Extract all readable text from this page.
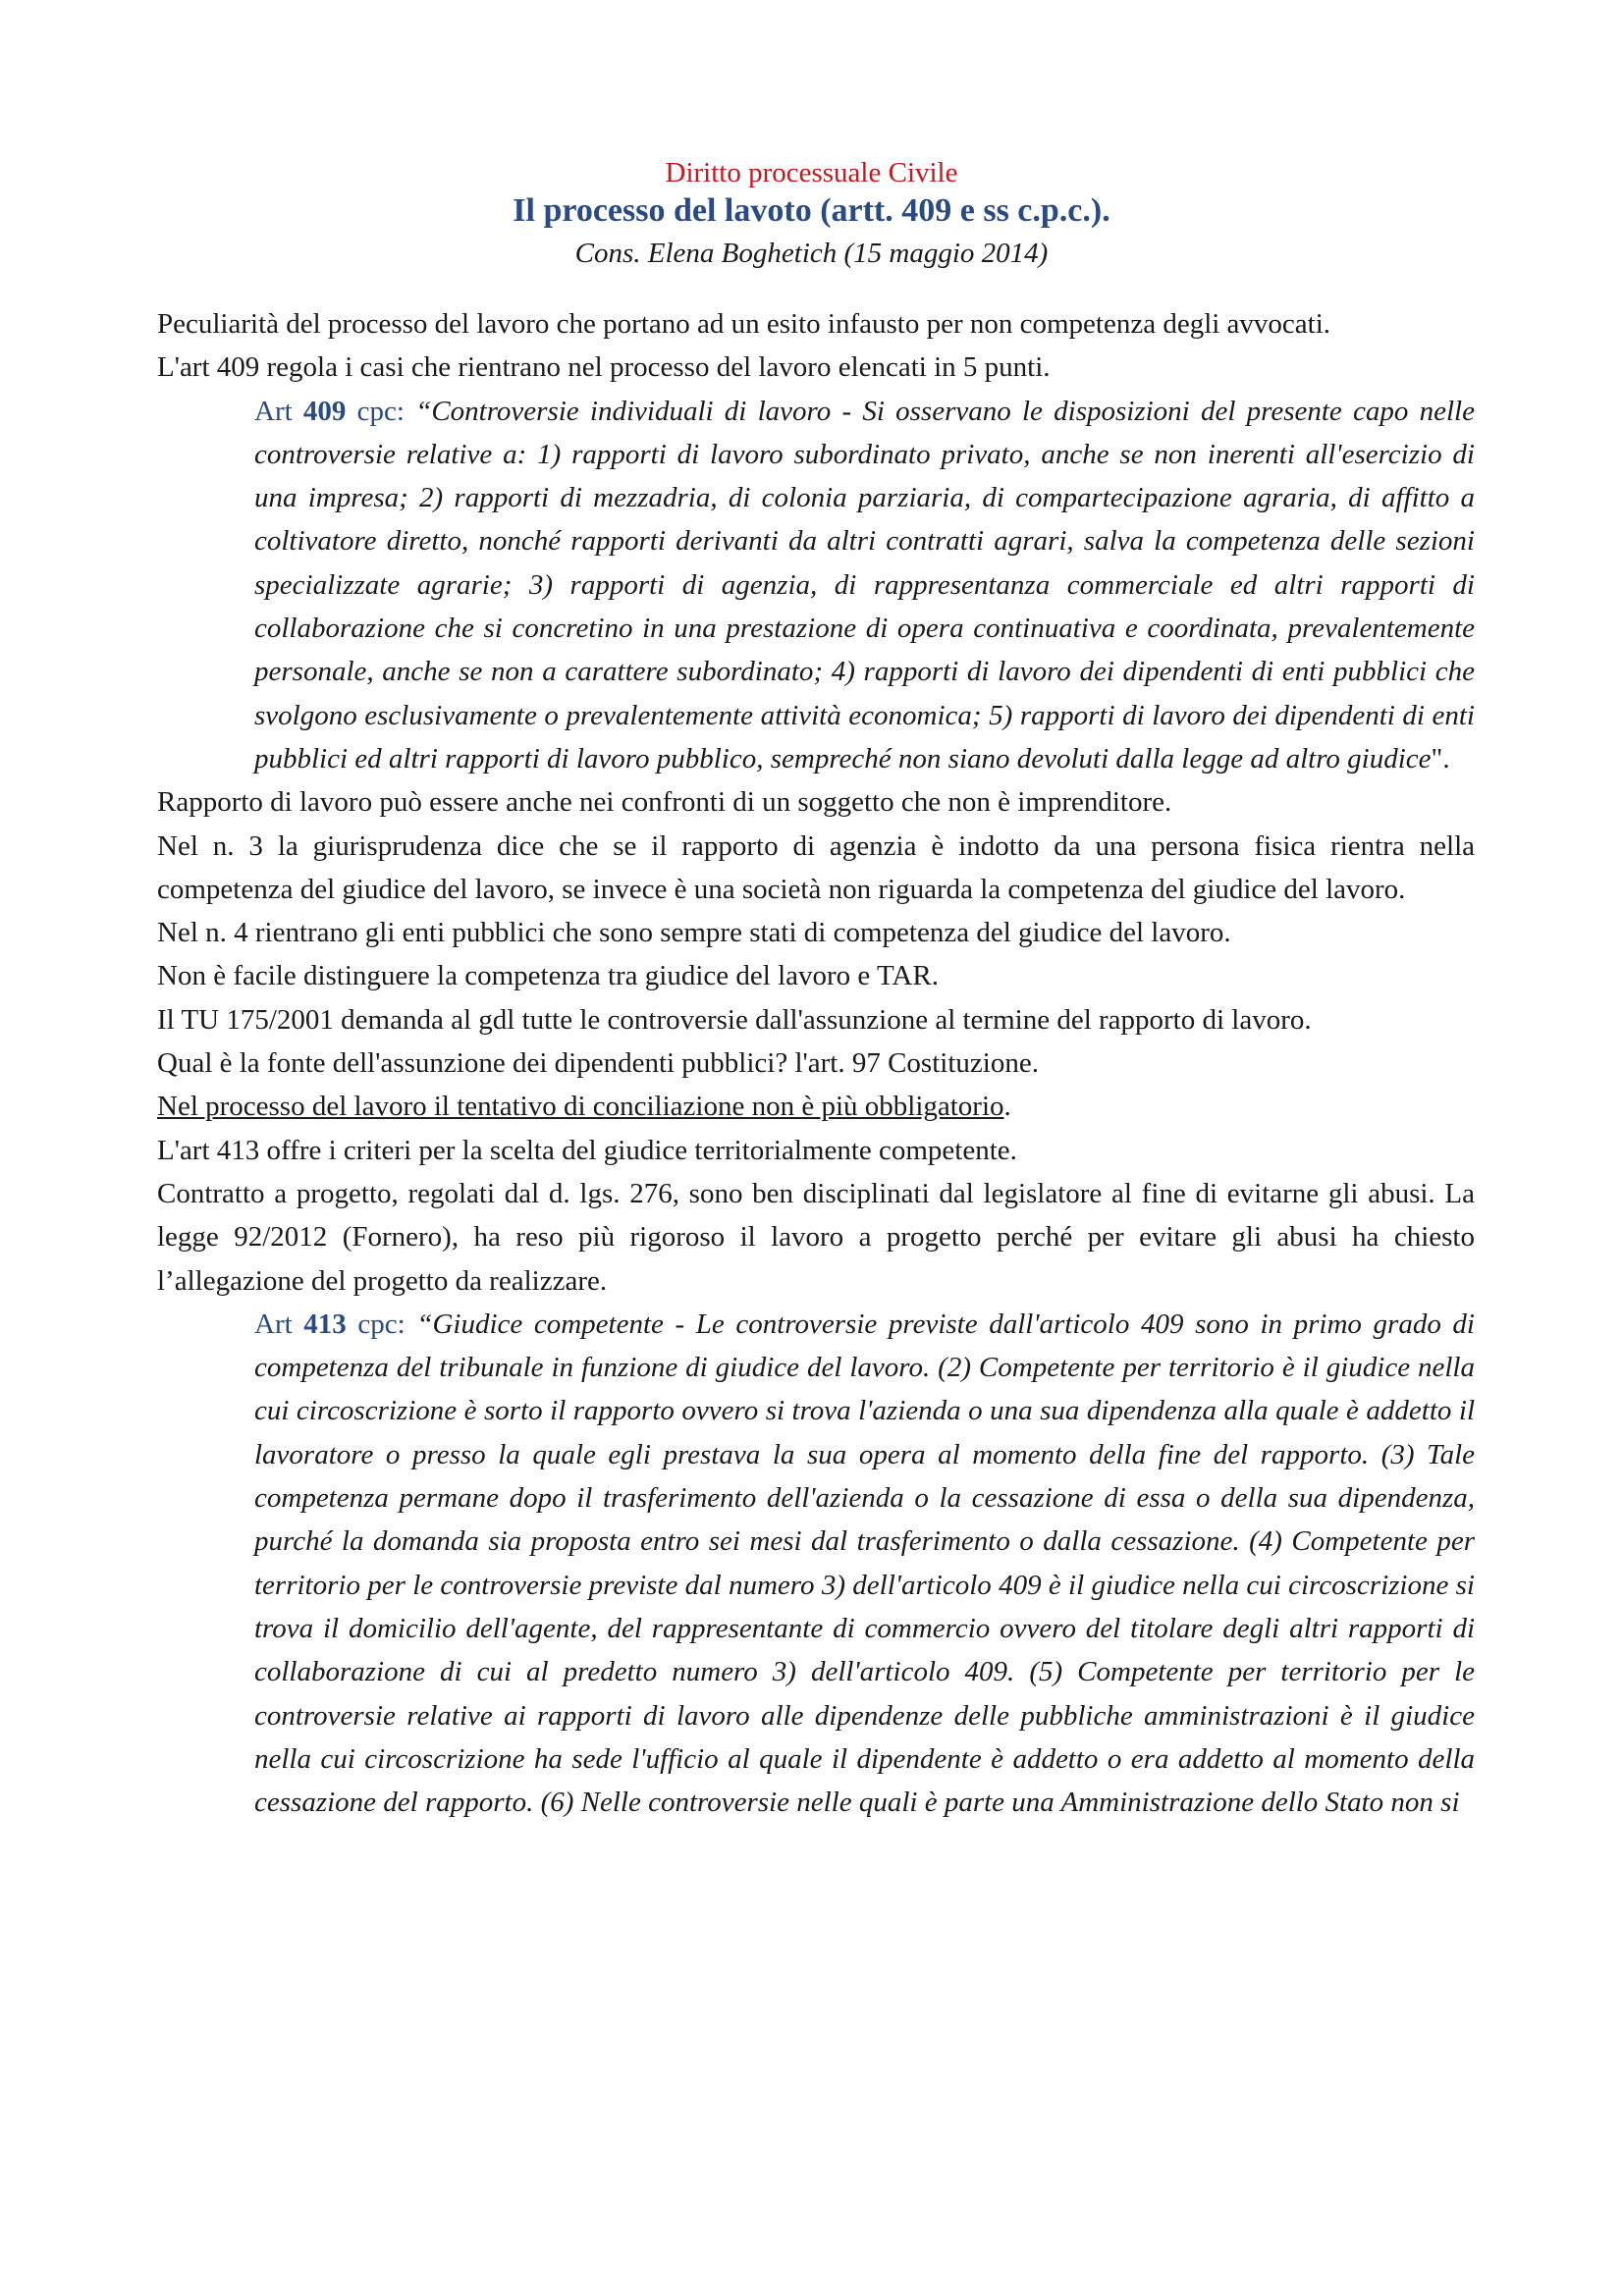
Diritto processuale Civile
Il processo del lavoto (artt. 409 e ss c.p.c.).
Cons. Elena Boghetich (15 maggio 2014)

Peculiarità del processo del lavoro che portano ad un esito infausto per non competenza degli avvocati.

L'art 409 regola i casi che rientrano nel processo del lavoro elencati in 5 punti.

Art 409 cpc: “Controversie individuali di lavoro - Si osservano le disposizioni del presente capo nelle controversie relative a: 1) rapporti di lavoro subordinato privato, anche se non inerenti all'esercizio di una impresa; 2) rapporti di mezzadria, di colonia parziaria, di compartecipazione agraria, di affitto a coltivatore diretto, nonché rapporti derivanti da altri contratti agrari, salva la competenza delle sezioni specializzate agrarie; 3) rapporti di agenzia, di rappresentanza commerciale ed altri rapporti di collaborazione che si concretino in una prestazione di opera continuativa e coordinata, prevalentemente personale, anche se non a carattere subordinato; 4) rapporti di lavoro dei dipendenti di enti pubblici che svolgono esclusivamente o prevalentemente attività economica; 5) rapporti di lavoro dei dipendenti di enti pubblici ed altri rapporti di lavoro pubblico, sempreché non siano devoluti dalla legge ad altro giudice".

Rapporto di lavoro può essere anche nei confronti di un soggetto che non è imprenditore.

Nel n. 3 la giurisprudenza dice che se il rapporto di agenzia è indotto da una persona fisica rientra nella competenza del giudice del lavoro, se invece è una società non riguarda la competenza del giudice del lavoro.

Nel n. 4 rientrano gli enti pubblici che sono sempre stati di competenza del giudice del lavoro.

Non è facile distinguere la competenza tra giudice del lavoro e TAR.

Il TU 175/2001 demanda al gdl tutte le controversie dall'assunzione al termine del rapporto di lavoro.

Qual è la fonte dell'assunzione dei dipendenti pubblici? l'art. 97 Costituzione.

Nel processo del lavoro il tentativo di conciliazione non è più obbligatorio.

L'art 413 offre i criteri per la scelta del giudice territorialmente competente.

Contratto a progetto, regolati dal d. lgs. 276, sono ben disciplinati dal legislatore al fine di evitarne gli abusi. La legge 92/2012 (Fornero), ha reso più rigoroso il lavoro a progetto perché per evitare gli abusi ha chiesto l’allegazione del progetto da realizzare.

Art 413 cpc: “Giudice competente - Le controversie previste dall'articolo 409 sono in primo grado di competenza del tribunale in funzione di giudice del lavoro. (2) Competente per territorio è il giudice nella cui circoscrizione è sorto il rapporto ovvero si trova l'azienda o una sua dipendenza alla quale è addetto il lavoratore o presso la quale egli prestava la sua opera al momento della fine del rapporto. (3) Tale competenza permane dopo il trasferimento dell'azienda o la cessazione di essa o della sua dipendenza, purché la domanda sia proposta entro sei mesi dal trasferimento o dalla cessazione. (4) Competente per territorio per le controversie previste dal numero 3) dell'articolo 409 è il giudice nella cui circoscrizione si trova il domicilio dell'agente, del rappresentante di commercio ovvero del titolare degli altri rapporti di collaborazione di cui al predetto numero 3) dell'articolo 409. (5) Competente per territorio per le controversie relative ai rapporti di lavoro alle dipendenze delle pubbliche amministrazioni è il giudice nella cui circoscrizione ha sede l'ufficio al quale il dipendente è addetto o era addetto al momento della cessazione del rapporto. (6) Nelle controversie nelle quali è parte una Amministrazione dello Stato non si
